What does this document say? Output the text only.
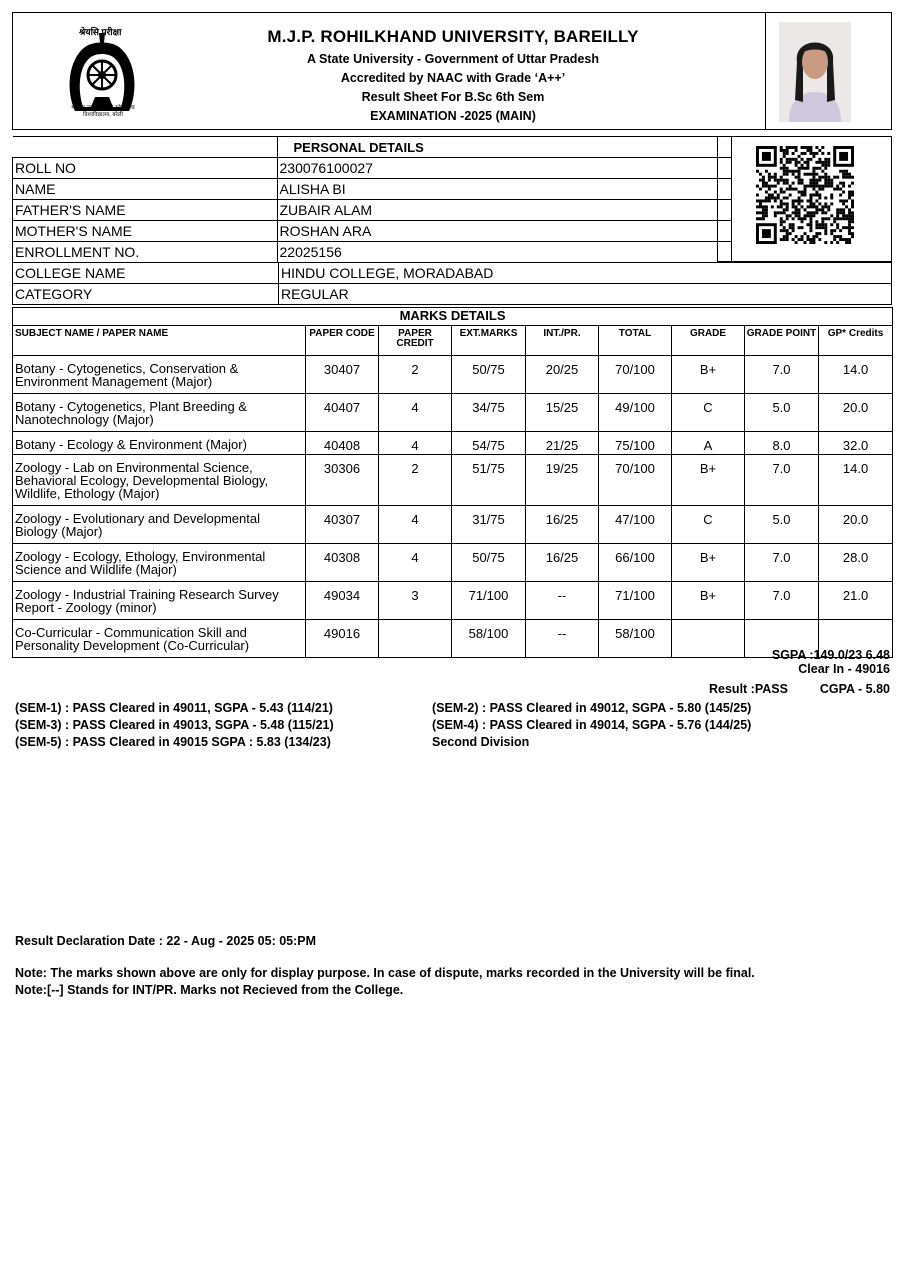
श्रेयसि परीक्षा
महात्मा ज्योतिबा फुले रुहेलखण्ड विश्वविद्यालय, बरेली
M.J.P. ROHILKHAND UNIVERSITY, BAREILLY
A State University - Government of Uttar Pradesh
Accredited by NAAC with Grade ‘A++’
Result Sheet For B.Sc 6th Sem
EXAMINATION -2025 (MAIN)
	PERSONAL DETAILS
ROLL NO	230076100027
NAME	ALISHA BI
FATHER'S NAME	ZUBAIR ALAM
MOTHER'S NAME	ROSHAN ARA
ENROLLMENT NO.	22025156
COLLEGE NAME	HINDU COLLEGE, MORADABAD
CATEGORY	REGULAR
MARKS DETAILS								
SUBJECT NAME / PAPER NAME	PAPER CODE	PAPER CREDIT	EXT.MARKS	INT./PR.	TOTAL	GRADE	GRADE POINT	GP* Credits
Botany - Cytogenetics, Conservation & Environment Management (Major)	30407	2	50/75	20/25	70/100	B+	7.0	14.0
Botany - Cytogenetics, Plant Breeding & Nanotechnology (Major)	40407	4	34/75	15/25	49/100	C	5.0	20.0
Botany - Ecology & Environment (Major)	40408	4	54/75	21/25	75/100	A	8.0	32.0
Zoology - Lab on Environmental Science, Behavioral Ecology, Developmental Biology, Wildlife, Ethology (Major)	30306	2	51/75	19/25	70/100	B+	7.0	14.0
Zoology - Evolutionary and Developmental Biology (Major)	40307	4	31/75	16/25	47/100	C	5.0	20.0
Zoology - Ecology, Ethology, Environmental Science and Wildlife (Major)	40308	4	50/75	16/25	66/100	B+	7.0	28.0
Zoology - Industrial Training Research Survey Report - Zoology (minor)	49034	3	71/100	--	71/100	B+	7.0	21.0
Co-Curricular - Communication Skill and Personality Development (Co-Curricular)	49016		58/100	--	58/100			
SGPA :149.0/23 6.48
Clear In - 49016
Result :PASS	CGPA - 5.80
(SEM-1) : PASS Cleared in 49011, SGPA - 5.43 (114/21)
(SEM-3) : PASS Cleared in 49013, SGPA - 5.48 (115/21)
(SEM-5) : PASS Cleared in 49015 SGPA : 5.83 (134/23)
(SEM-2) : PASS Cleared in 49012, SGPA - 5.80 (145/25)
(SEM-4) : PASS Cleared in 49014, SGPA - 5.76 (144/25)
Second Division
Result Declaration Date : 22 - Aug - 2025 05: 05:PM
Note: The marks shown above are only for display purpose. In case of dispute, marks recorded in the University will be final.
Note:[--] Stands for INT/PR. Marks not Recieved from the College.
